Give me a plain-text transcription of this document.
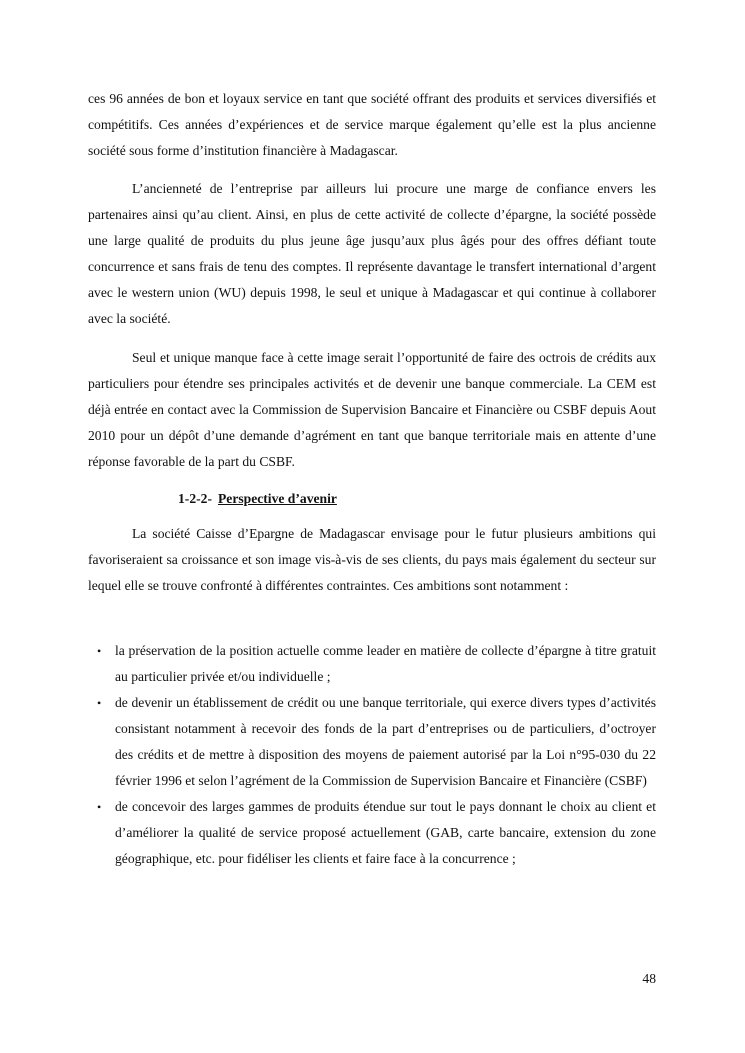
ces 96 années de bon et loyaux service en tant que société offrant des produits et services diversifiés et compétitifs. Ces années d’expériences et de service marque également qu’elle est la plus ancienne société sous forme d’institution financière à Madagascar.

L’ancienneté de l’entreprise par ailleurs lui procure une marge de confiance envers les partenaires ainsi qu’au client. Ainsi, en plus de cette activité de collecte d’épargne, la société possède une large qualité de produits du plus jeune âge jusqu’aux plus âgés pour des offres défiant toute concurrence et sans frais de tenu des comptes. Il représente davantage le transfert international d’argent avec le western union (WU) depuis 1998, le seul et unique à Madagascar et qui continue à collaborer avec la société.

Seul et unique manque face à cette image serait l’opportunité de faire des octrois de crédits aux particuliers pour étendre ses principales activités et de devenir une banque commerciale. La CEM est déjà entrée en contact avec la Commission de Supervision Bancaire et Financière ou CSBF depuis Aout 2010 pour un dépôt d’une demande d’agrément en tant que banque territoriale mais en attente d’une réponse favorable de la part du CSBF.

1-2-2- Perspective d’avenir

La société Caisse d’Epargne de Madagascar envisage pour le futur plusieurs ambitions qui favoriseraient sa croissance et son image vis-à-vis de ses clients, du pays mais également du secteur sur lequel elle se trouve confronté à différentes contraintes. Ces ambitions sont notamment :

• la préservation de la position actuelle comme leader en matière de collecte d’épargne à titre gratuit au particulier privée et/ou individuelle ;
• de devenir un établissement de crédit ou une banque territoriale, qui exerce divers types d’activités consistant notamment à recevoir des fonds de la part d’entreprises ou de particuliers, d’octroyer des crédits et de mettre à disposition des moyens de paiement autorisé par la Loi n°95-030 du 22 février 1996 et selon l’agrément de la Commission de Supervision Bancaire et Financière (CSBF)
• de concevoir des larges gammes de produits étendue sur tout le pays donnant le choix au client et d’améliorer la qualité de service proposé actuellement (GAB, carte bancaire, extension du zone géographique, etc. pour fidéliser les clients et faire face à la concurrence ;
48
